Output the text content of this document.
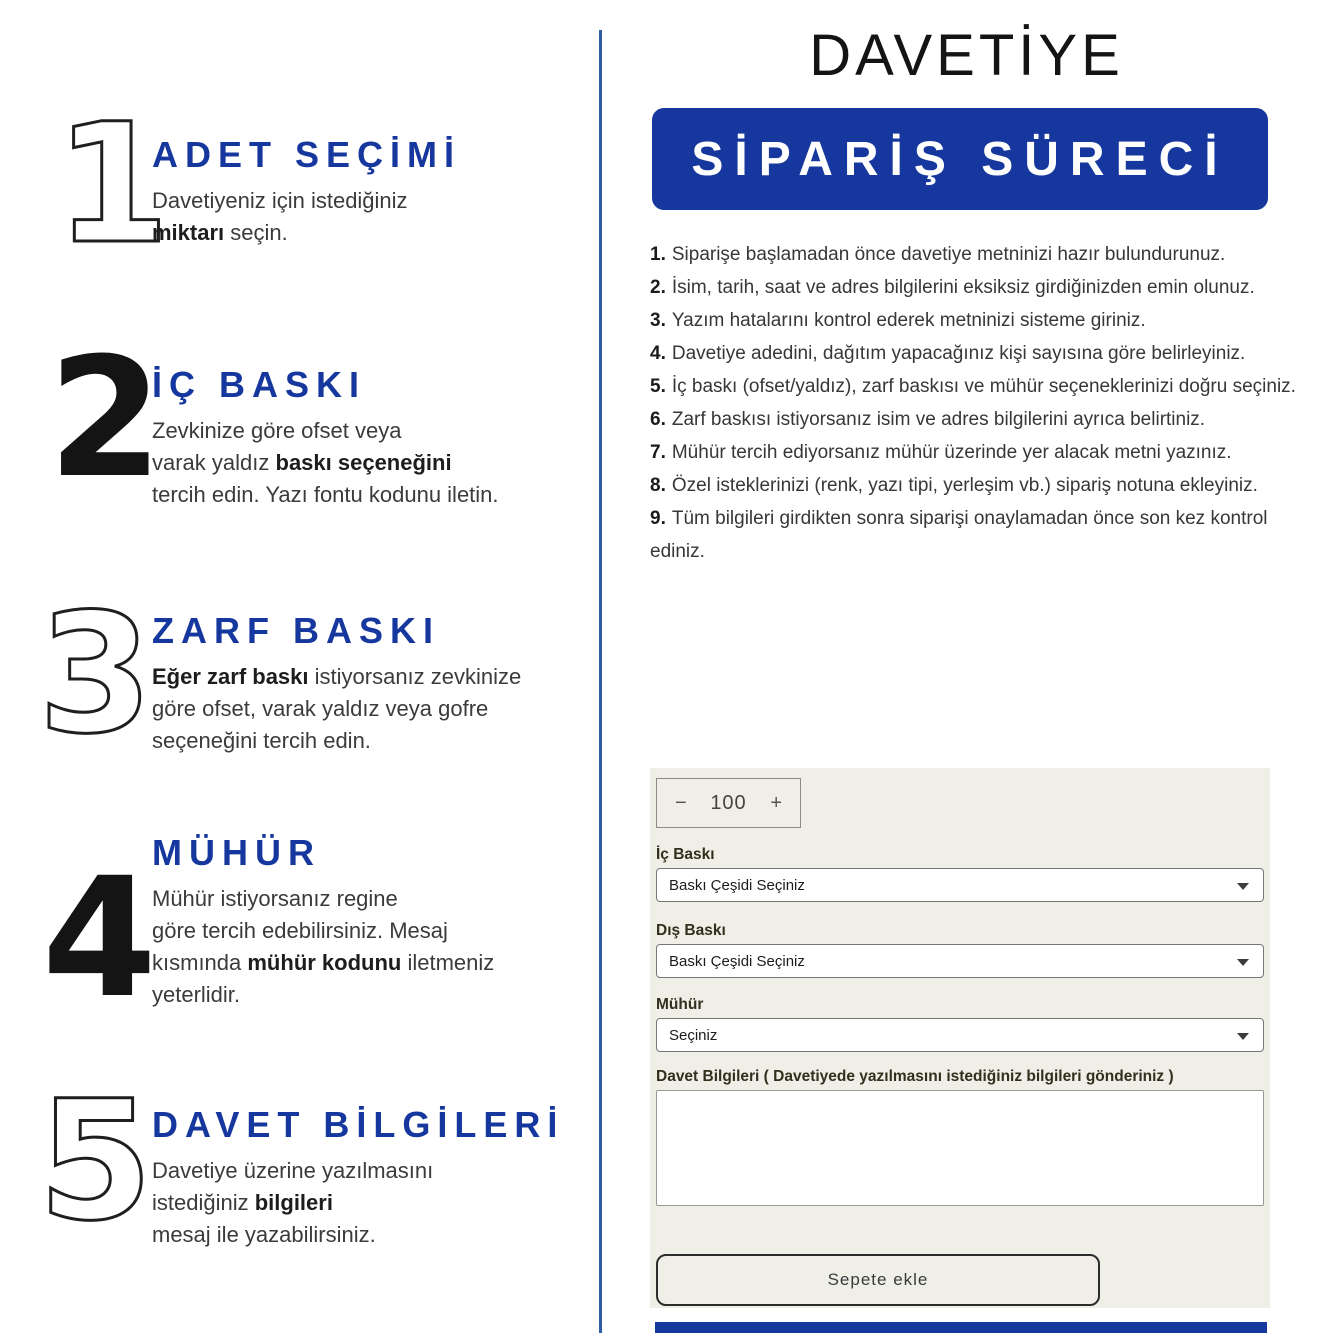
1
ADET SEÇİMİ
Davetiyeniz için istediğiniz
miktarı seçin.
2
İÇ BASKI
Zevkinize göre ofset veya
varak yaldız baskı seçeneğini
tercih edin. Yazı fontu kodunu iletin.
3 ZARF BASKI
Eğer zarf baskı istiyorsanız zevkinize
göre ofset, varak yaldız veya gofre
seçeneğini tercih edin.
4 MÜHÜR
Mühür istiyorsanız regine
göre tercih edebilirsiniz. Mesaj
kısmında mühür kodunu iletmeniz
yeterlidir.
5 DAVET BİLGİLERİ
Davetiye üzerine yazılmasını
istediğiniz bilgileri
mesaj ile yazabilirsiniz.
DAVETİYE
SİPARİŞ SÜRECİ

1. Siparişe başlamadan önce davetiye metninizi hazır bulundurunuz.

2. İsim, tarih, saat ve adres bilgilerini eksiksiz girdiğinizden emin olunuz.

3. Yazım hatalarını kontrol ederek metninizi sisteme giriniz.

4. Davetiye adedini, dağıtım yapacağınız kişi sayısına göre belirleyiniz.

5. İç baskı (ofset/yaldız), zarf baskısı ve mühür seçeneklerinizi doğru seçiniz.

6. Zarf baskısı istiyorsanız isim ve adres bilgilerini ayrıca belirtiniz.

7. Mühür tercih ediyorsanız mühür üzerinde yer alacak metni yazınız.

8. Özel isteklerinizi (renk, yazı tipi, yerleşim vb.) sipariş notuna ekleyiniz.

9. Tüm bilgileri girdikten sonra siparişi onaylamadan önce son kez kontrol ediniz.

− 100 +
İç Baskı
Baskı Çeşidi Seçiniz
Dış Baskı
Baskı Çeşidi Seçiniz
Mühür
Seçiniz
Davet Bilgileri ( Davetiyede yazılmasını istediğiniz bilgileri gönderiniz )
Sepete ekle
